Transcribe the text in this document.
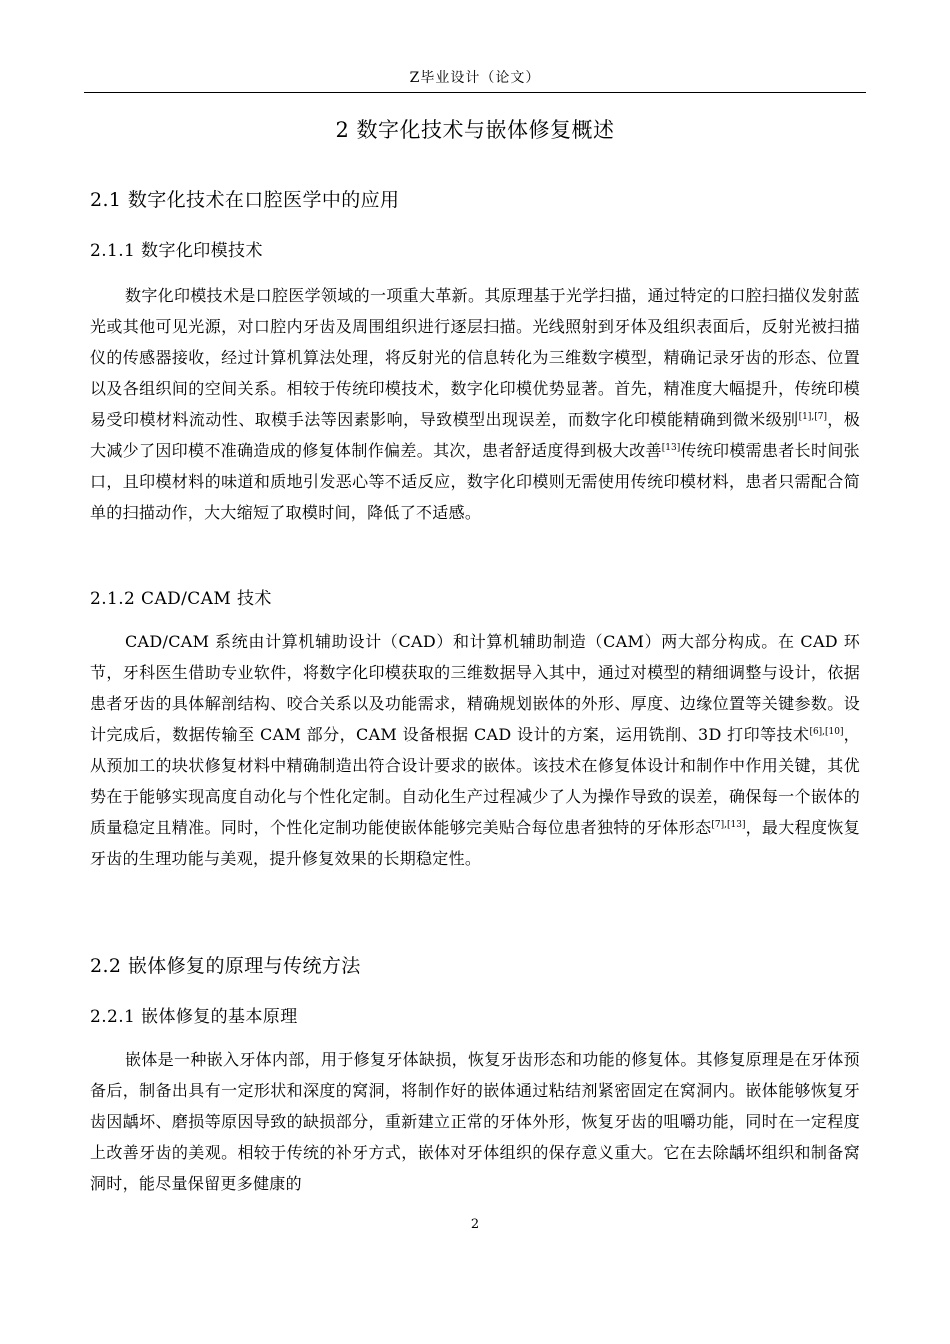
Z毕业设计（论文）
2 数字化技术与嵌体修复概述
2.1 数字化技术在口腔医学中的应用
2.1.1 数字化印模技术

数字化印模技术是口腔医学领域的一项重大革新。其原理基于光学扫描，通过特定的口腔扫描仪发射蓝光或其他可见光源，对口腔内牙齿及周围组织进行逐层扫描。光线照射到牙体及组织表面后，反射光被扫描仪的传感器接收，经过计算机算法处理，将反射光的信息转化为三维数字模型，精确记录牙齿的形态、位置以及各组织间的空间关系。相较于传统印模技术，数字化印模优势显著。首先，精准度大幅提升，传统印模易受印模材料流动性、取模手法等因素影响，导致模型出现误差，而数字化印模能精确到微米级别[1],[7]，极大减少了因印模不准确造成的修复体制作偏差。其次，患者舒适度得到极大改善[13]传统印模需患者长时间张口，且印模材料的味道和质地引发恶心等不适反应，数字化印模则无需使用传统印模材料，患者只需配合简单的扫描动作，大大缩短了取模时间，降低了不适感。

2.1.2 CAD/CAM 技术

CAD/CAM 系统由计算机辅助设计（CAD）和计算机辅助制造（CAM）两大部分构成。在 CAD 环节，牙科医生借助专业软件，将数字化印模获取的三维数据导入其中，通过对模型的精细调整与设计，依据患者牙齿的具体解剖结构、咬合关系以及功能需求，精确规划嵌体的外形、厚度、边缘位置等关键参数。设计完成后，数据传输至 CAM 部分，CAM 设备根据 CAD 设计的方案，运用铣削、3D 打印等技术[6],[10]，从预加工的块状修复材料中精确制造出符合设计要求的嵌体。该技术在修复体设计和制作中作用关键，其优势在于能够实现高度自动化与个性化定制。自动化生产过程减少了人为操作导致的误差，确保每一个嵌体的质量稳定且精准。同时，个性化定制功能使嵌体能够完美贴合每位患者独特的牙体形态[7],[13]，最大程度恢复牙齿的生理功能与美观，提升修复效果的长期稳定性。

2.2 嵌体修复的原理与传统方法
2.2.1 嵌体修复的基本原理

嵌体是一种嵌入牙体内部，用于修复牙体缺损，恢复牙齿形态和功能的修复体。其修复原理是在牙体预备后，制备出具有一定形状和深度的窝洞，将制作好的嵌体通过粘结剂紧密固定在窝洞内。嵌体能够恢复牙齿因龋坏、磨损等原因导致的缺损部分，重新建立正常的牙体外形，恢复牙齿的咀嚼功能，同时在一定程度上改善牙齿的美观。相较于传统的补牙方式，嵌体对牙体组织的保存意义重大。它在去除龋坏组织和制备窝洞时，能尽量保留更多健康的

2
